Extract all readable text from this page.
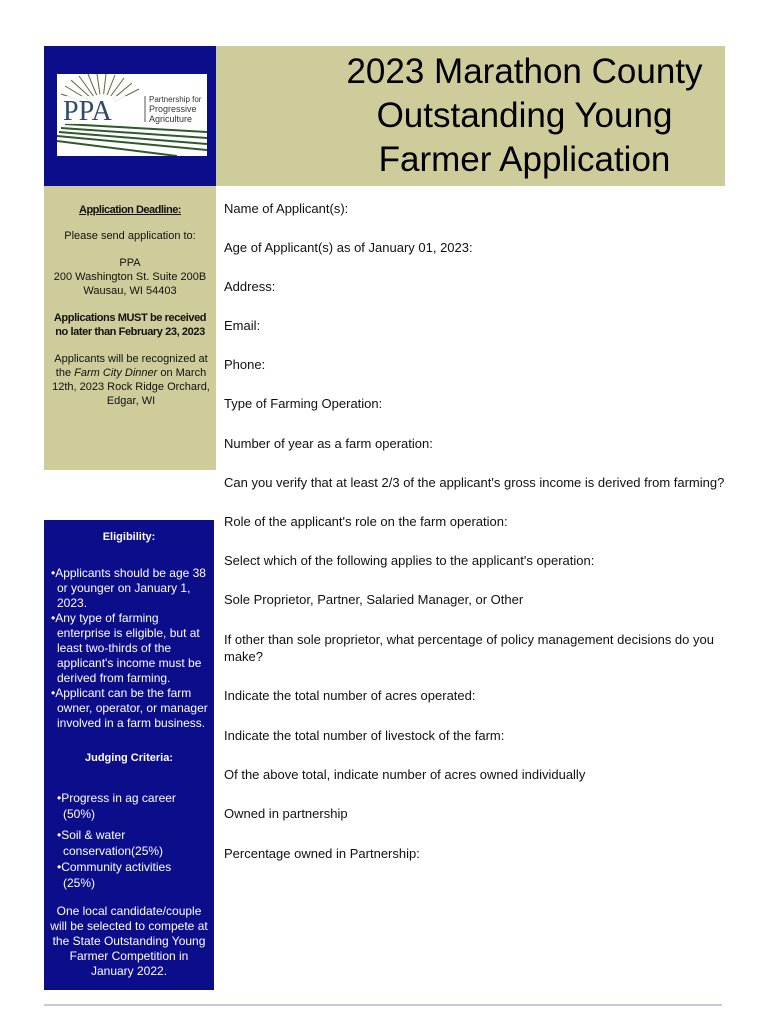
PPA	Partnership for
Progressive
Agriculture
2023 Marathon County
Outstanding Young
Farmer Application
Application Deadline:
Please send application to:
PPA
200 Washington St. Suite 200B
Wausau, WI 54403
Applications MUST be received
no later than February 23, 2023
Applicants will be recognized at the Farm City Dinner on March 12th, 2023 Rock Ridge Orchard, Edgar, WI
Eligibility:
•Applicants should be age 38 or younger on January 1, 2023.
•Any type of farming enterprise is eligible, but at least two-thirds of the applicant's income must be derived from farming.
•Applicant can be the farm owner, operator, or manager involved in a farm business.
Judging Criteria:
•Progress in ag career (50%)
•Soil & water conservation(25%)
•Community activities (25%)
One local candidate/couple will be selected to compete at the State Outstanding Young Farmer Competition in January 2022.
Name of Applicant(s):
Age of Applicant(s) as of January 01, 2023:
Address:
Email:
Phone:
Type of Farming Operation:
Number of year as a farm operation:
Can you verify that at least 2/3 of the applicant's gross income is derived from farming?
Role of the applicant's role on the farm operation:
Select which of the following applies to the applicant's operation:
Sole Proprietor, Partner, Salaried Manager, or Other
If other than sole proprietor, what percentage of policy management decisions do you make?
Indicate the total number of acres operated:
Indicate the total number of livestock of the farm:
Of the above total, indicate number of acres owned individually
Owned in partnership
Percentage owned in Partnership:
